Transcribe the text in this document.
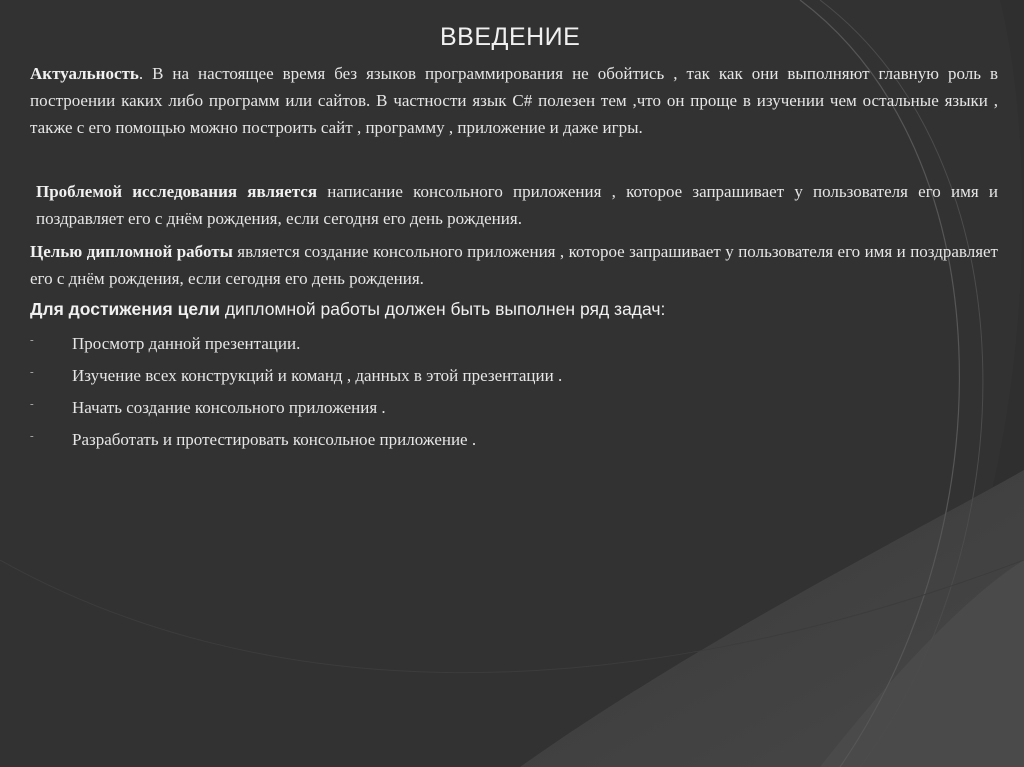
ВВЕДЕНИЕ

Актуальность. В на настоящее время без языков программирования не обойтись , так как они выполняют главную роль в построении каких либо программ или сайтов. В частности язык С# полезен тем ,что он проще в изучении чем остальные языки , также с его помощью можно построить сайт , программу , приложение и даже игры.

Проблемой исследования является написание консольного приложения , которое запрашивает у пользователя его имя и поздравляет его с днём рождения, если сегодня его день рождения.

Целью дипломной работы является создание консольного приложения , которое запрашивает у пользователя его имя и поздравляет его с днём рождения, если сегодня его день рождения.

Для достижения цели дипломной работы должен быть выполнен ряд задач:
- Просмотр данной презентации.
- Изучение всех конструкций и команд , данных в этой презентации .
- Начать создание консольного приложения .
- Разработать и протестировать консольное приложение .
